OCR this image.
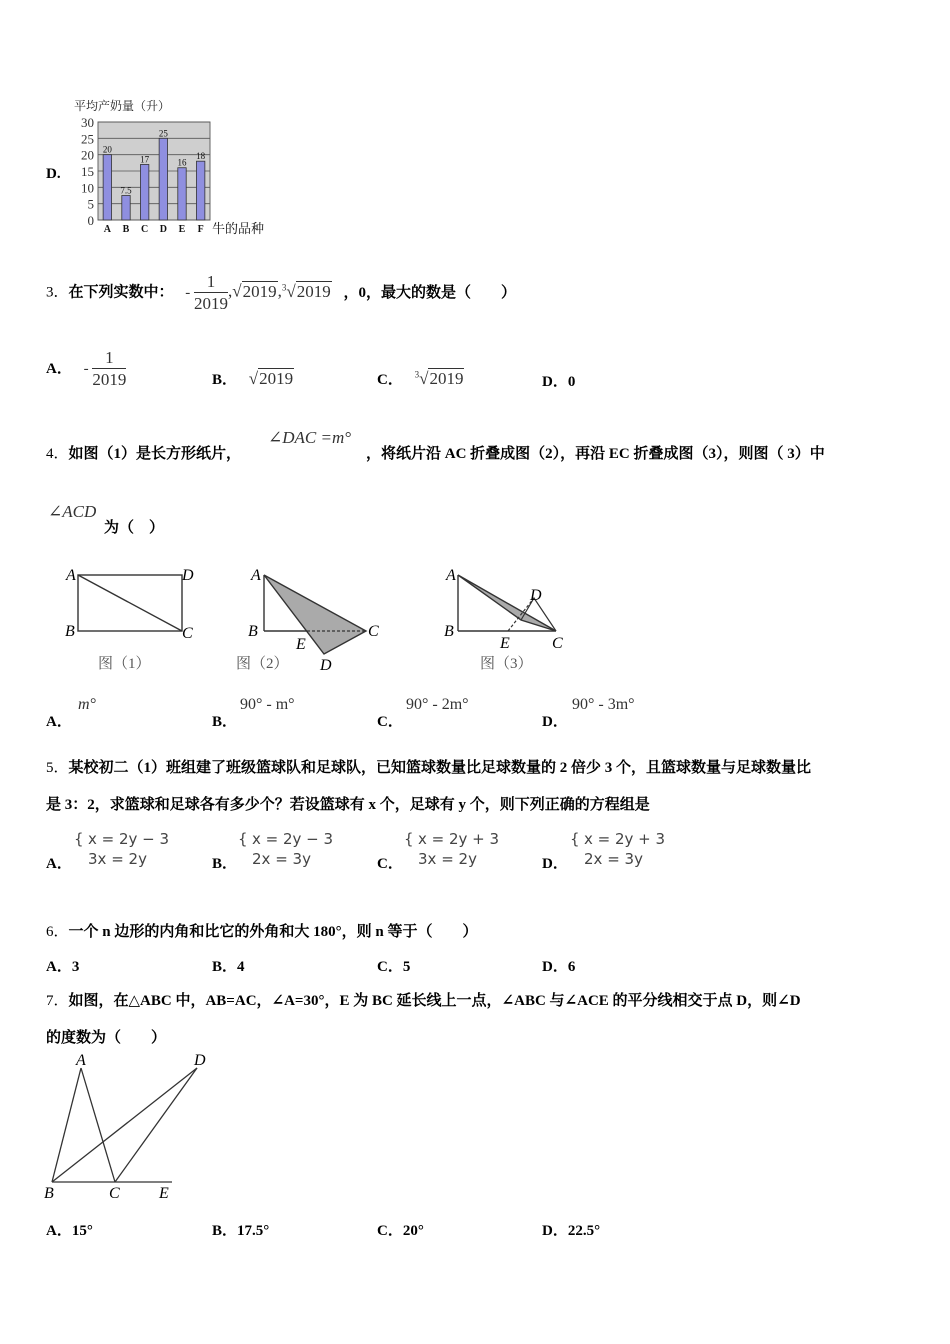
D.
平均产奶量（升）
0
5
10
15
20
25
30
20
A
7.5
B
17
C
25
D
16
E
18
F 牛的品种
3．在下列实数中： - $\frac{1}{2019} ,√2019,^3√2019$ ，0，最大的数是（　　）
A． - $\frac{1}{2019}$	B． √2019	C． $^3$√2019	D．0
∠DAC =m°
4．如图（1）是长方形纸片，	，将纸片沿 AC 折叠成图（2），再沿 EC 折叠成图（3），则图（ 3）中
∠ACD
为（　）
A	D
B	C
图（1）
A
B
E
C
D
图（2）
A
D
B
E	C
图（3）
A．
m°
B．
90° - m°
C．
90° - 2m°
D．
90° - 3m°
5．某校初二（1）班组建了班级篮球队和足球队，已知篮球数量比足球数量的 2 倍少 3 个，且篮球数量与足球数量比
是 3：2，求篮球和足球各有多少个？若设篮球有 x 个，足球有 y 个，则下列正确的方程组是
A．
{ x = 2y − 3
3x = 2y	B．
{ x = 2y − 3
2x = 3y	C．
{ x = 2y + 3
3x = 2y	D．
{ x = 2y + 3
2x = 3y
6．一个 n 边形的内角和比它的外角和大 180°，则 n 等于（　　）
A．3	B．4	C．5	D．6
7．如图，在△ABC 中，AB=AC，∠A=30°，E 为 BC 延长线上一点，∠ABC 与∠ACE 的平分线相交于点 D，则∠D
的度数为（　　）
A	D
B	C E
A．15°	B．17.5°	C．20°	D．22.5°
